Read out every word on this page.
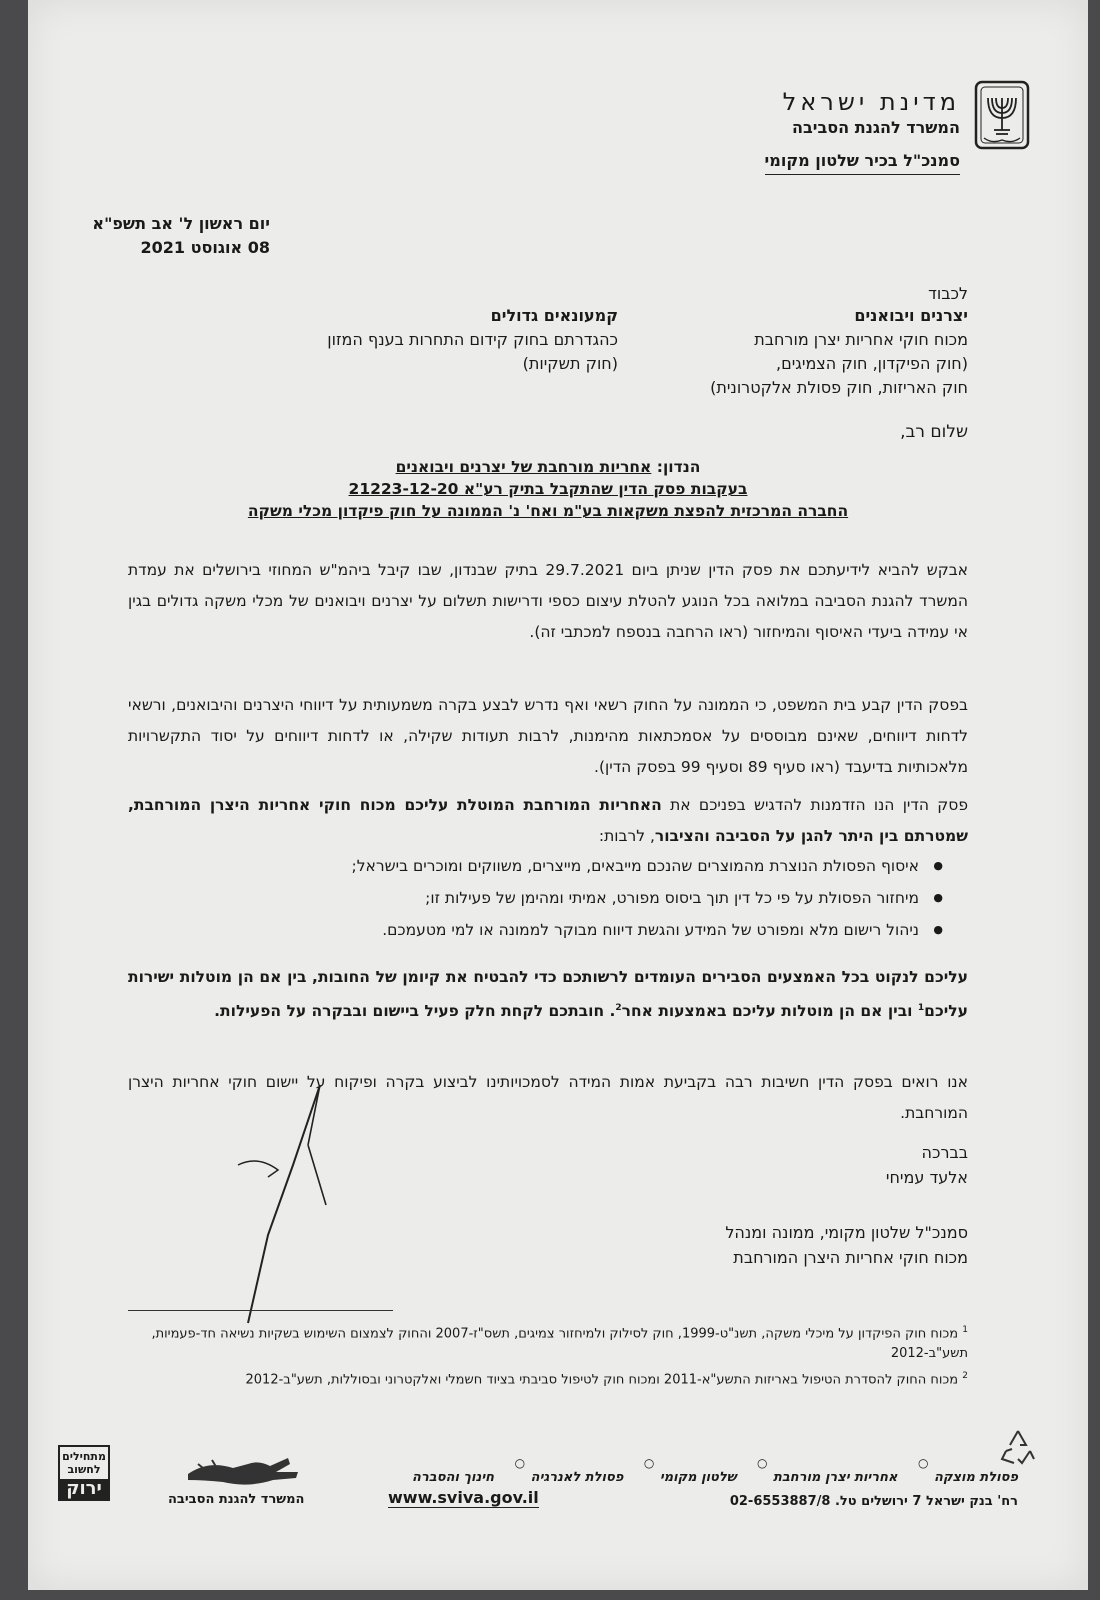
מדינת ישראל
המשרד להגנת הסביבה
סמנכ"ל בכיר שלטון מקומי
יום ראשון ל' אב תשפ"א
08 אוגוסט 2021
לכבוד
יצרנים ויבואנים
מכוח חוקי אחריות יצרן מורחבת
(חוק הפיקדון, חוק הצמיגים,
חוק האריזות, חוק פסולת אלקטרונית)
קמעונאים גדולים
כהגדרתם בחוק קידום התחרות בענף המזון
(חוק תשקיות)
שלום רב,
הנדון: אחריות מורחבת של יצרנים ויבואנים
בעקבות פסק הדין שהתקבל בתיק רע"א 21223-12-20
החברה המרכזית להפצת משקאות בע"מ ואח' נ' הממונה על חוק פיקדון מכלי משקה
אבקש להביא לידיעתכם את פסק הדין שניתן ביום 29.7.2021 בתיק שבנדון, שבו קיבל ביהמ"ש המחוזי בירושלים את עמדת המשרד להגנת הסביבה במלואה בכל הנוגע להטלת עיצום כספי ודרישות תשלום על יצרנים ויבואנים של מכלי משקה גדולים בגין אי עמידה ביעדי האיסוף והמיחזור (ראו הרחבה בנספח למכתבי זה).
בפסק הדין קבע בית המשפט, כי הממונה על החוק רשאי ואף נדרש לבצע בקרה משמעותית על דיווחי היצרנים והיבואנים, ורשאי לדחות דיווחים, שאינם מבוססים על אסמכתאות מהימנות, לרבות תעודות שקילה, או לדחות דיווחים על יסוד התקשרויות מלאכותיות בדיעבד (ראו סעיף 89 וסעיף 99 בפסק הדין).
פסק הדין הנו הזדמנות להדגיש בפניכם את האחריות המורחבת המוטלת עליכם מכוח חוקי אחריות היצרן המורחבת, שמטרתם בין היתר להגן על הסביבה והציבור, לרבות:
● איסוף הפסולת הנוצרת מהמוצרים שהנכם מייבאים, מייצרים, משווקים ומוכרים בישראל;
● מיחזור הפסולת על פי כל דין תוך ביסוס מפורט, אמיתי ומהימן של פעילות זו;
● ניהול רישום מלא ומפורט של המידע והגשת דיווח מבוקר לממונה או למי מטעמכם.
עליכם לנקוט בכל האמצעים הסבירים העומדים לרשותכם כדי להבטיח את קיומן של החובות, בין אם הן מוטלות ישירות עליכם$^1$ ובין אם הן מוטלות עליכם באמצעות אחר$^2$. חובתכם לקחת חלק פעיל ביישום ובבקרה על הפעילות.
אנו רואים בפסק הדין חשיבות רבה בקביעת אמות המידה לסמכויותינו לביצוע בקרה ופיקוח על יישום חוקי אחריות היצרן המורחבת.
בברכה
אלעד עמיחי
סמנכ"ל שלטון מקומי, ממונה ומנהל
מכוח חוקי אחריות היצרן המורחבת
$^1$ מכוח חוק הפיקדון על מיכלי משקה, תשנ"ט-1999, חוק לסילוק ולמיחזור צמיגים, תשס"ז-2007 והחוק לצמצום השימוש בשקיות נשיאה חד-פעמיות, תשע"ב-2012
$^2$ מכוח החוק להסדרת הטיפול באריזות התשע"א-2011 ומכוח חוק לטיפול סביבתי בציוד חשמלי ואלקטרוני ובסוללות, תשע"ב-2012
פסולת מוצקה ○ אחריות יצרן מורחבת ○ שלטון מקומי ○ פסולת לאנרגיה ○ חינוך והסברה
רח' בנק ישראל 7 ירושלים טל. 02-6553887/8
www.sviva.gov.il
המשרד להגנת הסביבה
מתחילים לחשוב
ירוק
